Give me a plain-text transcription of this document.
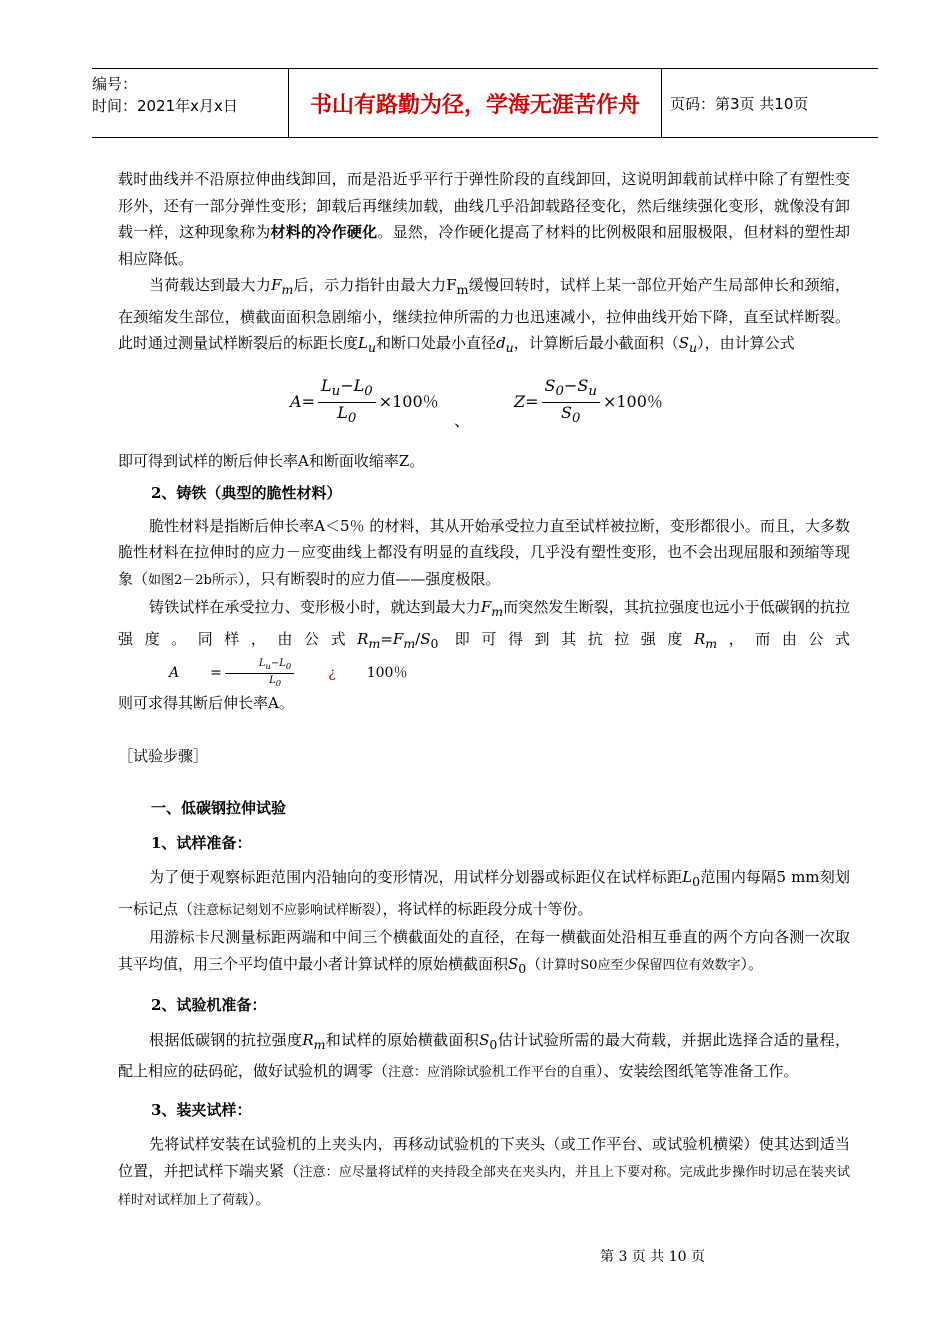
编号：
时间：2021年x月x日	书山有路勤为径，学海无涯苦作舟	页码：第3页 共10页

载时曲线并不沿原拉伸曲线卸回，而是沿近乎平行于弹性阶段的直线卸回，这说明卸载前试样中除了有塑性变形外，还有一部分弹性变形；卸载后再继续加载，曲线几乎沿卸载路径变化，然后继续强化变形，就像没有卸载一样，这种现象称为材料的冷作硬化。显然，冷作硬化提高了材料的比例极限和屈服极限，但材料的塑性却相应降低。

当荷载达到最大力$F_m$后，示力指针由最大力$F_m$缓慢回转时，试样上某一部位开始产生局部伸长和颈缩，在颈缩发生部位，横截面面积急剧缩小，继续拉伸所需的力也迅速减小，拉伸曲线开始下降，直至试样断裂。此时通过测量试样断裂后的标距长度$L_u$和断口处最小直径$d_u$，计算断后最小截面积$(S_u)$，由计算公式

$A = \frac{L_u-L_0}{L_0} \times 100$％
、
$Z = \frac{S_0-S_u}{S_0} \times 100$％

即可得到试样的断后伸长率A和断面收缩率Z。

2、铸铁（典型的脆性材料）

脆性材料是指断后伸长率A＜5％ 的材料，其从开始承受拉力直至试样被拉断，变形都很小。而且，大多数脆性材料在拉伸时的应力－应变曲线上都没有明显的直线段，几乎没有塑性变形，也不会出现屈服和颈缩等现象（如图2－2b所示），只有断裂时的应力值——强度极限。

铸铁试样在承受拉力、变形极小时，就达到最大力$F_m$而突然发生断裂，其抗拉强度也远小于低碳钢的抗拉强度。同样，由公式$R_m=F_m/S_0$ 即可得到其抗拉强度$R_m$，而由公式A	= $\frac{L_u-L_0}{L_0}$	¿	100％

则可求得其断后伸长率A。

［试验步骤］

一、低碳钢拉伸试验

1、试样准备：

为了便于观察标距范围内沿轴向的变形情况，用试样分划器或标距仪在试样标距$L_0$范围内每隔5 mm刻划一标记点（注意标记刻划不应影响试样断裂），将试样的标距段分成十等份。

用游标卡尺测量标距两端和中间三个横截面处的直径，在每一横截面处沿相互垂直的两个方向各测一次取其平均值，用三个平均值中最小者计算试样的原始横截面积$S_0$（计算时S0应至少保留四位有效数字）。

2、试验机准备：

根据低碳钢的抗拉强度$R_m$和试样的原始横截面积$S_0$估计试验所需的最大荷载，并据此选择合适的量程，配上相应的砝码砣，做好试验机的调零（注意：应消除试验机工作平台的自重）、安装绘图纸笔等准备工作。

3、装夹试样：

先将试样安装在试验机的上夹头内，再移动试验机的下夹头（或工作平台、或试验机横梁）使其达到适当位置，并把试样下端夹紧（注意：应尽量将试样的夹持段全部夹在夹头内，并且上下要对称。完成此步操作时切忌在装夹试样时对试样加上了荷载）。

第 3 页 共 10 页
